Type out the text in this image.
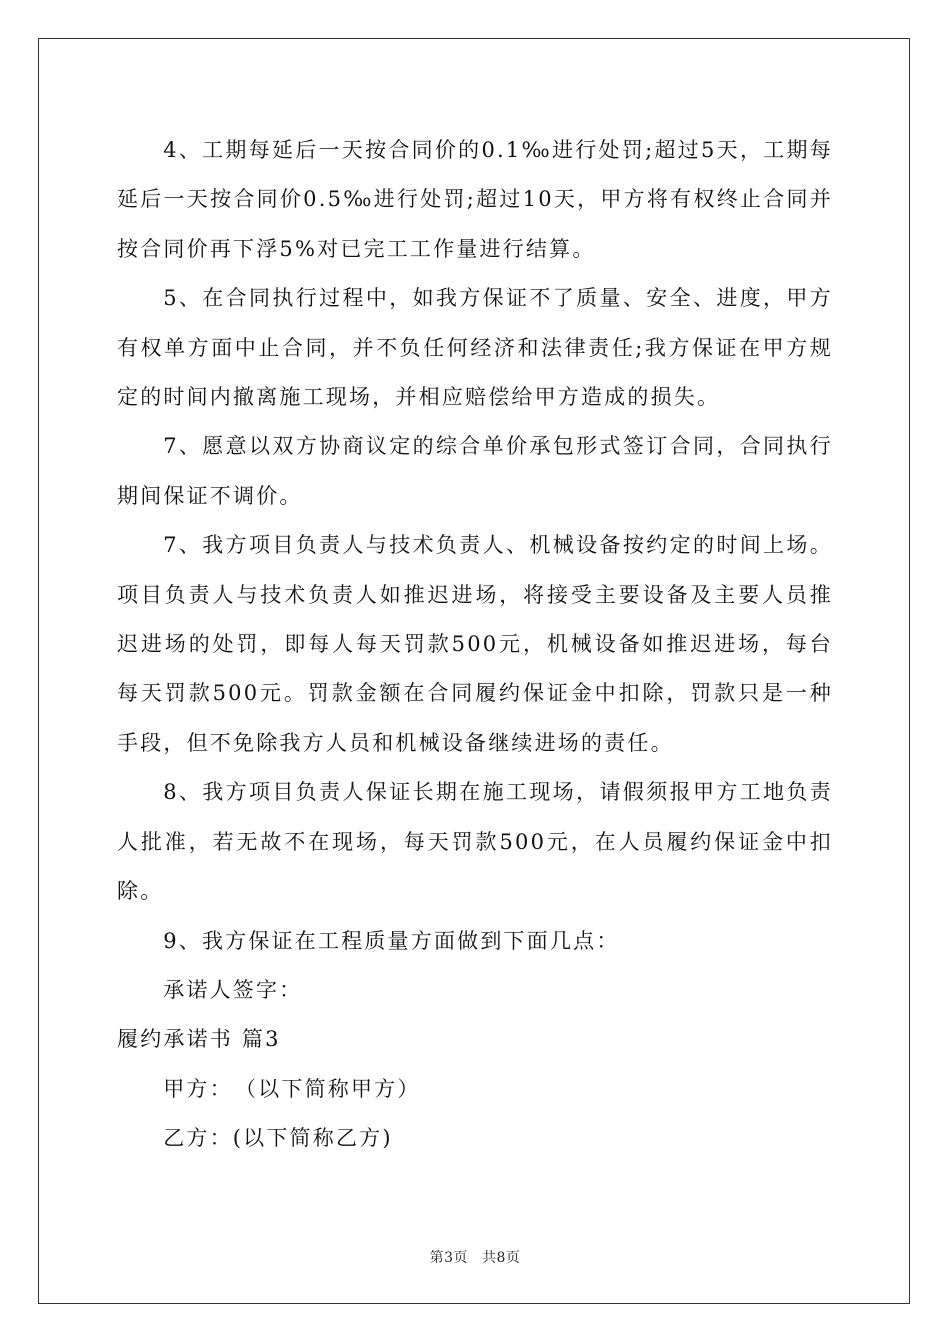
4、工期每延后一天按合同价的0.1‰进行处罚;超过5天，工期每延后一天按合同价0.5‰进行处罚;超过10天，甲方将有权终止合同并按合同价再下浮5%对已完工工作量进行结算。

5、在合同执行过程中，如我方保证不了质量、安全、进度，甲方有权单方面中止合同，并不负任何经济和法律责任;我方保证在甲方规定的时间内撤离施工现场，并相应赔偿给甲方造成的损失。

7、愿意以双方协商议定的综合单价承包形式签订合同，合同执行期间保证不调价。

7、我方项目负责人与技术负责人、机械设备按约定的时间上场。项目负责人与技术负责人如推迟进场，将接受主要设备及主要人员推迟进场的处罚，即每人每天罚款500元，机械设备如推迟进场，每台每天罚款500元。罚款金额在合同履约保证金中扣除，罚款只是一种手段，但不免除我方人员和机械设备继续进场的责任。

8、我方项目负责人保证长期在施工现场，请假须报甲方工地负责人批准，若无故不在现场，每天罚款500元，在人员履约保证金中扣除。

9、我方保证在工程质量方面做到下面几点：

承诺人签字：

履约承诺书 篇3

甲方：　（以下简称甲方）

乙方：(以下简称乙方)

第3页 共8页
